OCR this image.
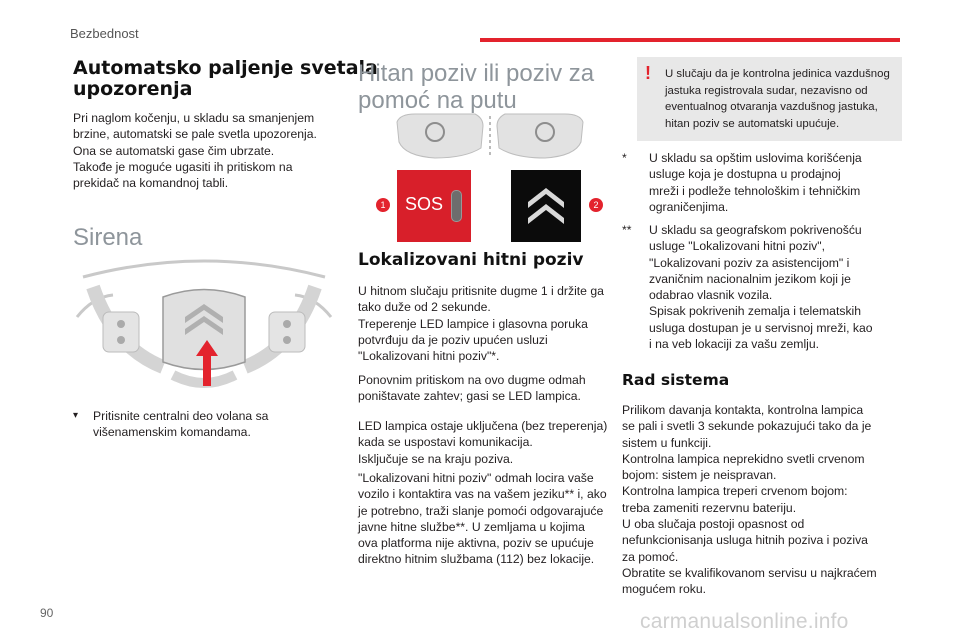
Bezbednost
Automatsko paljenje svetala
upozorenja
Pri naglom kočenju, u skladu sa smanjenjem
brzine, automatski se pale svetla upozorenja.
Ona se automatski gase čim ubrzate.
Takođe je moguće ugasiti ih pritiskom na
prekidač na komandnoj tabli.
Sirena
▾ Pritisnite centralni deo volana sa
višenamenskim komandama.
Hitan poziv ili poziv za
pomoć na putu
SOS
1	2
Lokalizovani hitni poziv
U hitnom slučaju pritisnite dugme 1 i držite ga
tako duže od 2 sekunde.
Treperenje LED lampice i glasovna poruka
potvrđuju da je poziv upućen usluzi
"Lokalizovani hitni poziv"*.
Ponovnim pritiskom na ovo dugme odmah
poništavate zahtev; gasi se LED lampica.
LED lampica ostaje uključena (bez treperenja)
kada se uspostavi komunikacija.
Isključuje se na kraju poziva.
"Lokalizovani hitni poziv" odmah locira vaše
vozilo i kontaktira vas na vašem jeziku** i, ako
je potrebno, traži slanje pomoći odgovarajuće
javne hitne službe**. U zemljama u kojima
ova platforma nije aktivna, poziv se upućuje
direktno hitnim službama (112) bez lokacije.
! U slučaju da je kontrolna jedinica vazdušnog
jastuka registrovala sudar, nezavisno od
eventualnog otvaranja vazdušnog jastuka,
hitan poziv se automatski upućuje.
* U skladu sa opštim uslovima korišćenja
usluge koja je dostupna u prodajnoj
mreži i podleže tehnološkim i tehničkim
ograničenjima.
** U skladu sa geografskom pokrivenošću
usluge "Lokalizovani hitni poziv",
"Lokalizovani poziv za asistencijom" i
zvaničnim nacionalnim jezikom koji je
odabrao vlasnik vozila.
Spisak pokrivenih zemalja i telematskih
usluga dostupan je u servisnoj mreži, kao
i na veb lokaciji za vašu zemlju.
Rad sistema
Prilikom davanja kontakta, kontrolna lampica
se pali i svetli 3 sekunde pokazujući tako da je
sistem u funkciji.
Kontrolna lampica neprekidno svetli crvenom
bojom: sistem je neispravan.
Kontrolna lampica treperi crvenom bojom:
treba zameniti rezervnu bateriju.
U oba slučaja postoji opasnost od
nefunkcionisanja usluga hitnih poziva i poziva
za pomoć.
Obratite se kvalifikovanom servisu u najkraćem
mogućem roku.
90	carmanualsonline.info
